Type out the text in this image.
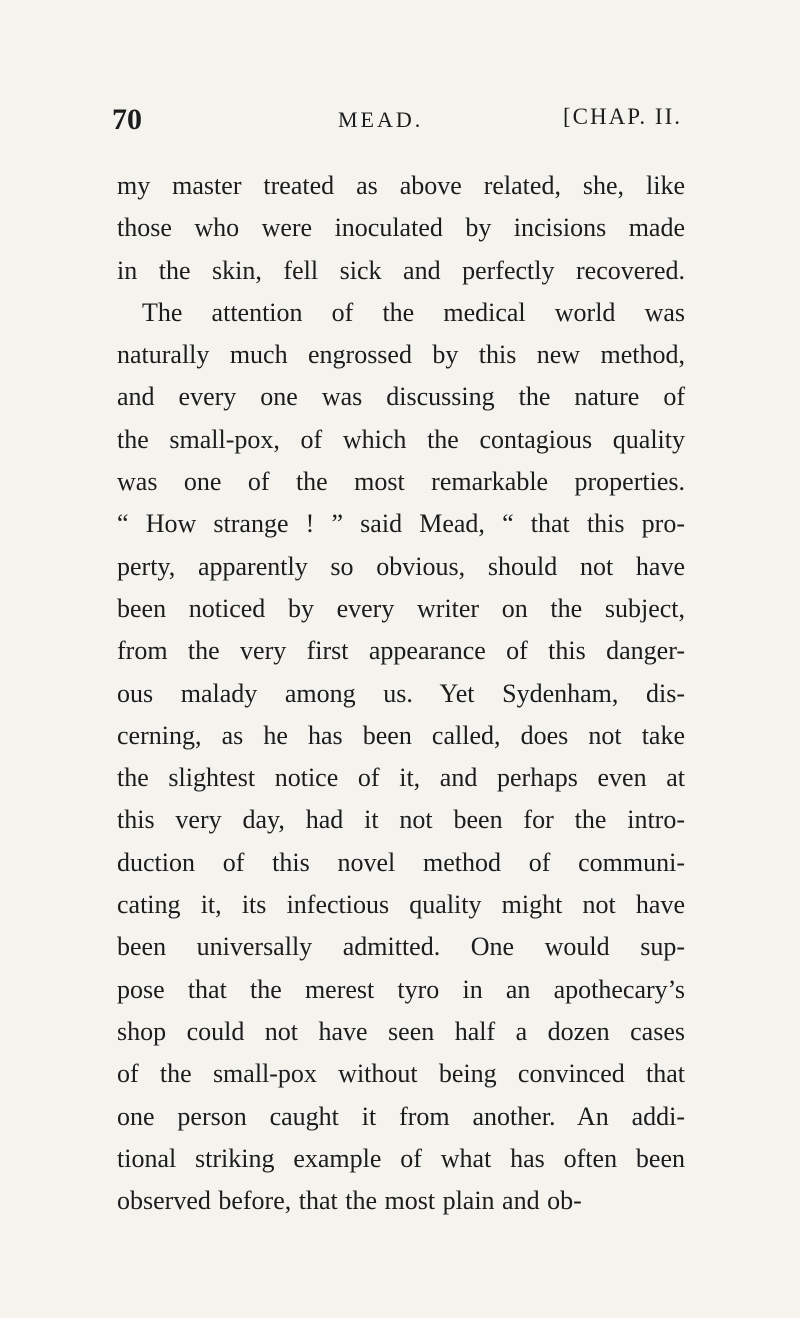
70	MEAD.	[CHAP. II.
my master treated as above related, she, like
those who were inoculated by incisions made
in the skin, fell sick and perfectly recovered.
The attention of the medical world was
naturally much engrossed by this new method,
and every one was discussing the nature of
the small-pox, of which the contagious quality
was one of the most remarkable properties.
“ How strange ! ” said Mead, “ that this pro-
perty, apparently so obvious, should not have
been noticed by every writer on the subject,
from the very first appearance of this danger-
ous malady among us. Yet Sydenham, dis-
cerning, as he has been called, does not take
the slightest notice of it, and perhaps even at
this very day, had it not been for the intro-
duction of this novel method of communi-
cating it, its infectious quality might not have
been universally admitted. One would sup-
pose that the merest tyro in an apothecary’s
shop could not have seen half a dozen cases
of the small-pox without being convinced that
one person caught it from another. An addi-
tional striking example of what has often been
observed before, that the most plain and ob-
